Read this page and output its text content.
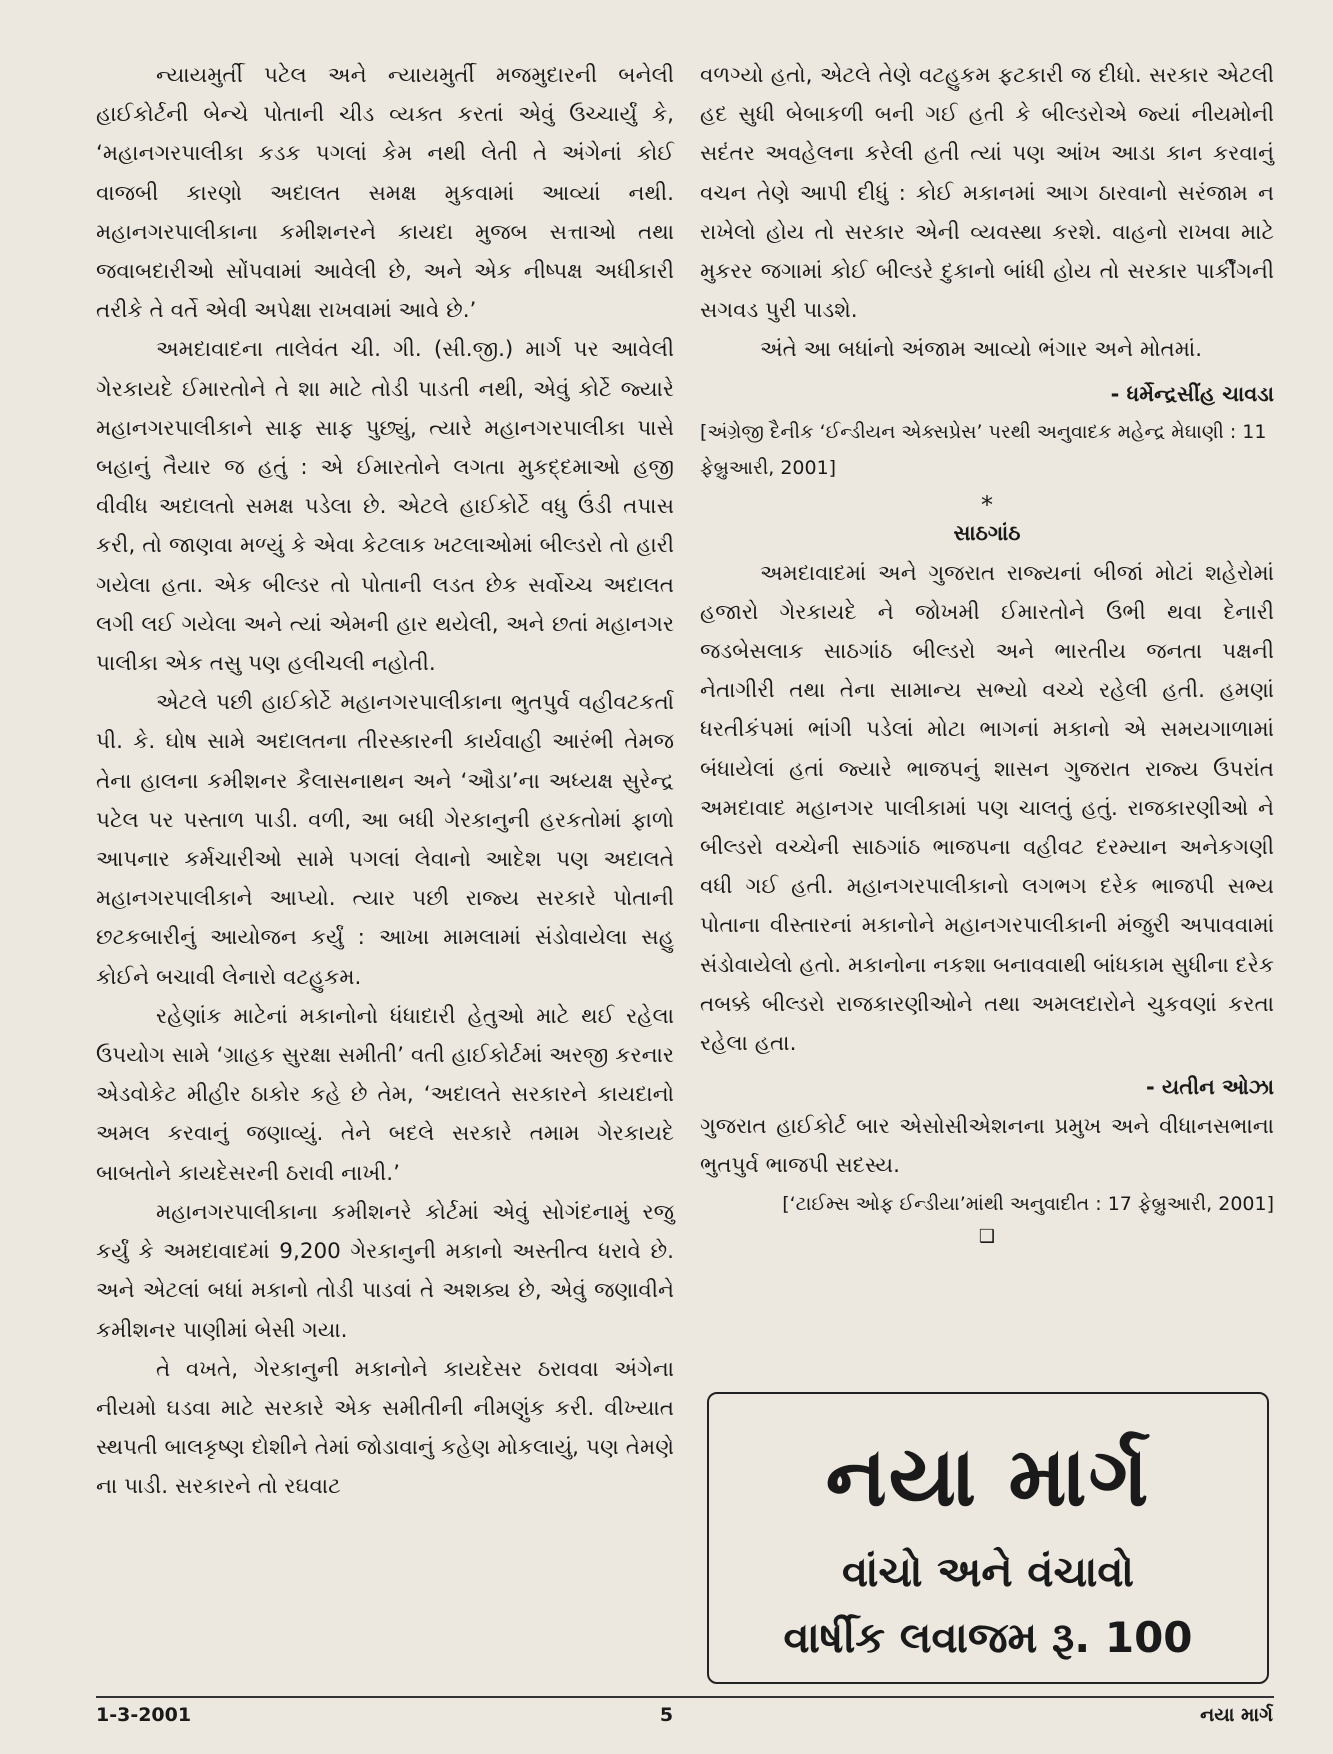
ન્યાયમુર્તી પટેલ અને ન્યાયમુર્તી મજમુદારની બનેલી હાઈકોર્ટની બેન્ચે પોતાની ચીડ વ્યક્ત કરતાં એવું ઉચ્ચાર્યું કે, ‘મહાનગરપાલીકા કડક પગલાં કેમ નથી લેતી તે અંગેનાં કોઈ વાજબી કારણો અદાલત સમક્ષ મુકવામાં આવ્યાં નથી. મહાનગરપાલીકાના કમીશનરને કાયદા મુજબ સત્તાઓ તથા જવાબદારીઓ સોંપવામાં આવેલી છે, અને એક નીષ્પક્ષ અધીકારી તરીકે તે વર્તે એવી અપેક્ષા રાખવામાં આવે છે.’

અમદાવાદના તાલેવંત ચી. ગી. (સી.જી.) માર્ગ પર આવેલી ગેરકાયદે ઈમારતોને તે શા માટે તોડી પાડતી નથી, એવું કોર્ટે જ્યારે મહાનગરપાલીકાને સાફ સાફ પુછ્યું, ત્યારે મહાનગરપાલીકા પાસે બહાનું તૈયાર જ હતું : એ ઈમારતોને લગતા મુકદ્દમાઓ હજી વીવીધ અદાલતો સમક્ષ પડેલા છે. એટલે હાઈકોર્ટે વધુ ઉંડી તપાસ કરી, તો જાણવા મળ્યું કે એવા કેટલાક ખટલાઓમાં બીલ્ડરો તો હારી ગયેલા હતા. એક બીલ્ડર તો પોતાની લડત છેક સર્વોચ્ચ અદાલત લગી લઈ ગયેલા અને ત્યાં એમની હાર થયેલી, અને છતાં મહાનગર પાલીકા એક તસુ પણ હલીચલી નહોતી.

એટલે પછી હાઈકોર્ટે મહાનગરપાલીકાના ભુતપુર્વ વહીવટકર્તા પી. કે. ઘોષ સામે અદાલતના તીરસ્કારની કાર્યવાહી આરંભી તેમજ તેના હાલના કમીશનર કૈલાસનાથન અને ‘ઔડા’ના અધ્યક્ષ સુરેન્દ્ર પટેલ પર પસ્તાળ પાડી. વળી, આ બધી ગેરકાનુની હરકતોમાં ફાળો આપનાર કર્મચારીઓ સામે પગલાં લેવાનો આદેશ પણ અદાલતે મહાનગરપાલીકાને આપ્યો. ત્યાર પછી રાજ્ય સરકારે પોતાની છટકબારીનું આયોજન કર્યું : આખા મામલામાં સંડોવાયેલા સહુ કોઈને બચાવી લેનારો વટહુકમ.

રહેણાંક માટેનાં મકાનોનો ધંધાદારી હેતુઓ માટે થઈ રહેલા ઉપયોગ સામે ‘ગ્રાહક સુરક્ષા સમીતી’ વતી હાઈકોર્ટમાં અરજી કરનાર એડવોકેટ મીહીર ઠાકોર કહે છે તેમ, ‘અદાલતે સરકારને કાયદાનો અમલ કરવાનું જણાવ્યું. તેને બદલે સરકારે તમામ ગેરકાયદે બાબતોને કાયદેસરની ઠરાવી નાખી.’

મહાનગરપાલીકાના કમીશનરે કોર્ટમાં એવું સોગંદનામું રજુ કર્યું કે અમદાવાદમાં 9,200 ગેરકાનુની મકાનો અસ્તીત્વ ધરાવે છે. અને એટલાં બધાં મકાનો તોડી પાડવાં તે અશક્ય છે, એવું જણાવીને કમીશનર પાણીમાં બેસી ગયા.

તે વખતે, ગેરકાનુની મકાનોને કાયદેસર ઠરાવવા અંગેના નીયમો ઘડવા માટે સરકારે એક સમીતીની નીમણુંક કરી. વીખ્યાત સ્થપતી બાલકૃષ્ણ દોશીને તેમાં જોડાવાનું કહેણ મોકલાયું, પણ તેમણે ના પાડી. સરકારને તો રઘવાટ

વળગ્યો હતો, એટલે તેણે વટહુકમ ફટકારી જ દીધો. સરકાર એટલી હદ સુધી બેબાકળી બની ગઈ હતી કે બીલ્ડરોએ જ્યાં નીયમોની સદંતર અવહેલના કરેલી હતી ત્યાં પણ આંખ આડા કાન કરવાનું વચન તેણે આપી દીધું : કોઈ મકાનમાં આગ ઠારવાનો સરંજામ ન રાખેલો હોય તો સરકાર એની વ્યવસ્થા કરશે. વાહનો રાખવા માટે મુકરર જગામાં કોઈ બીલ્ડરે દુકાનો બાંધી હોય તો સરકાર પાર્કીંગની સગવડ પુરી પાડશે.

અંતે આ બધાંનો અંજામ આવ્યો ભંગાર અને મોતમાં.

- ધર્મેન્દ્રસીંહ ચાવડા

[અંગ્રેજી દૈનીક ‘ઈન્ડીયન એક્સપ્રેસ’ પરથી અનુવાદક મહેન્દ્ર મેઘાણી : 11 ફેબ્રુઆરી, 2001]

*

સાઠગાંઠ

અમદાવાદમાં અને ગુજરાત રાજ્યનાં બીજાં મોટાં શહેરોમાં હજારો ગેરકાયદે ને જોખમી ઈમારતોને ઉભી થવા દેનારી જડબેસલાક સાઠગાંઠ બીલ્ડરો અને ભારતીય જનતા પક્ષની નેતાગીરી તથા તેના સામાન્ય સભ્યો વચ્ચે રહેલી હતી. હમણાં ધરતીકંપમાં ભાંગી પડેલાં મોટા ભાગનાં મકાનો એ સમયગાળામાં બંધાયેલાં હતાં જ્યારે ભાજપનું શાસન ગુજરાત રાજ્ય ઉપરાંત અમદાવાદ મહાનગર પાલીકામાં પણ ચાલતું હતું. રાજકારણીઓ ને બીલ્ડરો વચ્ચેની સાઠગાંઠ ભાજપના વહીવટ દરમ્યાન અનેકગણી વધી ગઈ હતી. મહાનગરપાલીકાનો લગભગ દરેક ભાજપી સભ્ય પોતાના વીસ્તારનાં મકાનોને મહાનગરપાલીકાની મંજુરી અપાવવામાં સંડોવાયેલો હતો. મકાનોના નકશા બનાવવાથી બાંધકામ સુધીના દરેક તબક્કે બીલ્ડરો રાજકારણીઓને તથા અમલદારોને ચુકવણાં કરતા રહેલા હતા.

- યતીન ઓઝા

ગુજરાત હાઈકોર્ટ બાર એસોસીએશનના પ્રમુખ અને વીધાનસભાના ભુતપુર્વ ભાજપી સદસ્ય.

[‘ટાઈમ્સ ઓફ ઈન્ડીયા’માંથી અનુવાદીત : 17 ફેબ્રુઆરી, 2001]

❑

નયા માર્ગ
વાંચો અને વંચાવો
વાર્ષીક લવાજમ રૂ. 100
1-3-2001	5	નયા માર્ગ
